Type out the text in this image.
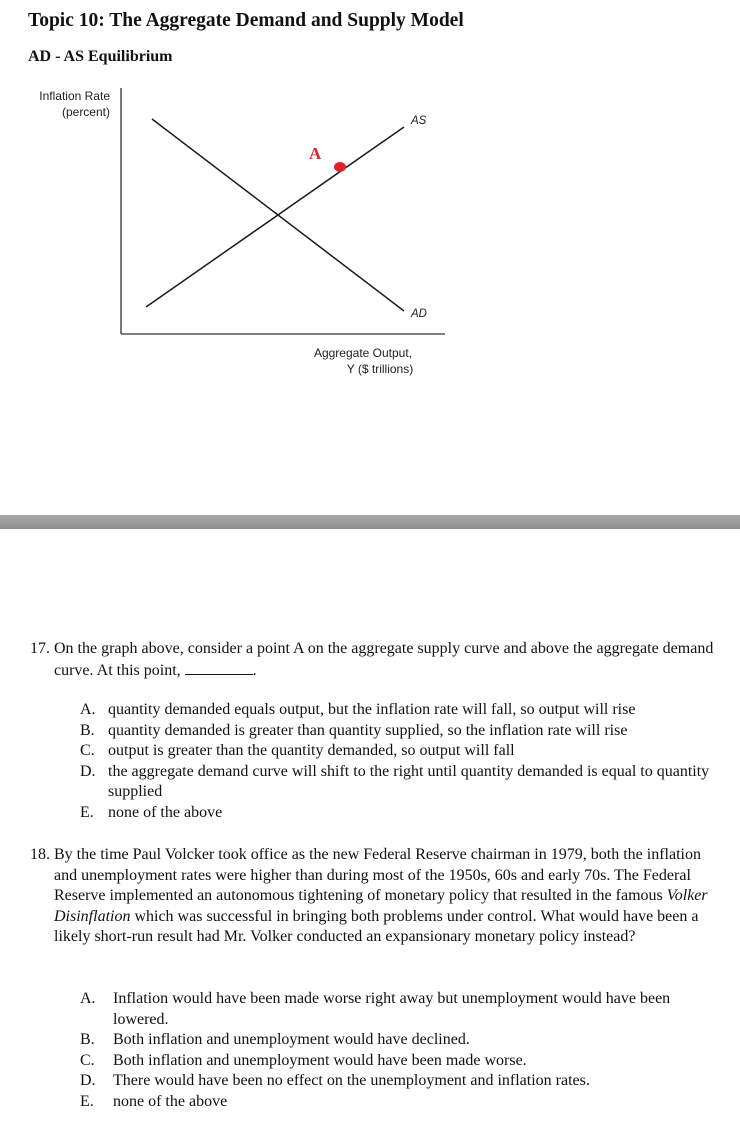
Topic 10: The Aggregate Demand and Supply Model
AD - AS Equilibrium
Inflation Rate
(percent)
AS
AD
A
Aggregate Output,
Y ($ trillions)
17. On the graph above, consider a point A on the aggregate supply curve and above the aggregate demand curve. At this point,	.
A. quantity demanded equals output, but the inflation rate will fall, so output will rise
B. quantity demanded is greater than quantity supplied, so the inflation rate will rise
C. output is greater than the quantity demanded, so output will fall
D. the aggregate demand curve will shift to the right until quantity demanded is equal to quantity supplied
E. none of the above
18. By the time Paul Volcker took office as the new Federal Reserve chairman in 1979, both the inflation and unemployment rates were higher than during most of the 1950s, 60s and early 70s. The Federal Reserve implemented an autonomous tightening of monetary policy that resulted in the famous Volker Disinflation which was successful in bringing both problems under control. What would have been a likely short-run result had Mr. Volker conducted an expansionary monetary policy instead?
A.	Inflation would have been made worse right away but unemployment would have been lowered.
B.	Both inflation and unemployment would have declined.
C.	Both inflation and unemployment would have been made worse.
D.	There would have been no effect on the unemployment and inflation rates.
E.	none of the above
